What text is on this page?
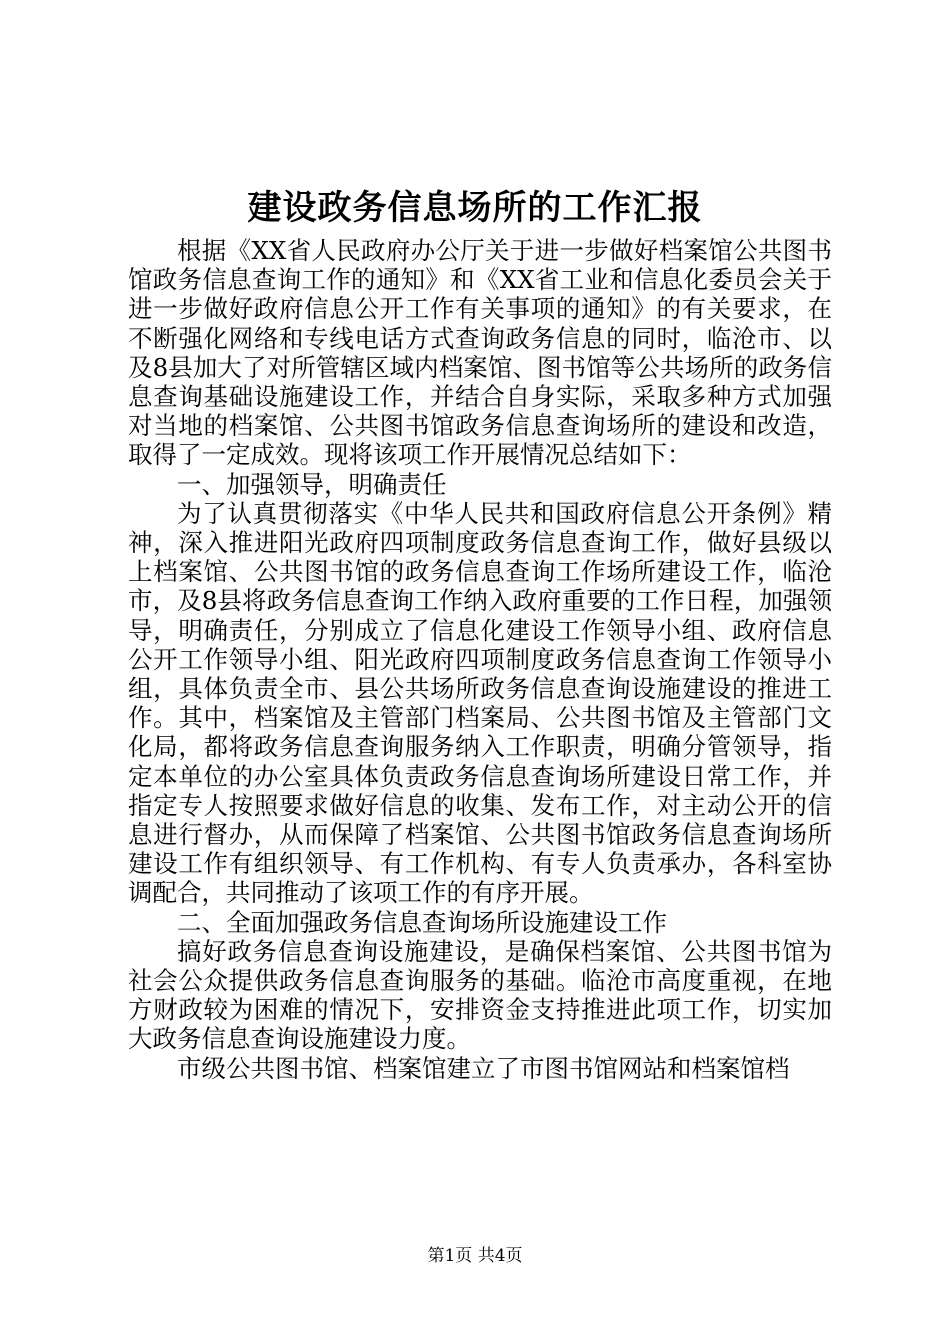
建设政务信息场所的工作汇报

根据《XX省人民政府办公厅关于进一步做好档案馆公共图书馆政务信息查询工作的通知》和《XX省工业和信息化委员会关于进一步做好政府信息公开工作有关事项的通知》的有关要求，在不断强化网络和专线电话方式查询政务信息的同时，临沧市、以及8县加大了对所管辖区域内档案馆、图书馆等公共场所的政务信息查询基础设施建设工作，并结合自身实际，采取多种方式加强对当地的档案馆、公共图书馆政务信息查询场所的建设和改造，取得了一定成效。现将该项工作开展情况总结如下：

一、加强领导，明确责任

为了认真贯彻落实《中华人民共和国政府信息公开条例》精神，深入推进阳光政府四项制度政务信息查询工作，做好县级以上档案馆、公共图书馆的政务信息查询工作场所建设工作，临沧市，及8县将政务信息查询工作纳入政府重要的工作日程，加强领导，明确责任，分别成立了信息化建设工作领导小组、政府信息公开工作领导小组、阳光政府四项制度政务信息查询工作领导小组，具体负责全市、县公共场所政务信息查询设施建设的推进工作。其中，档案馆及主管部门档案局、公共图书馆及主管部门文化局，都将政务信息查询服务纳入工作职责，明确分管领导，指定本单位的办公室具体负责政务信息查询场所建设日常工作，并指定专人按照要求做好信息的收集、发布工作，对主动公开的信息进行督办，从而保障了档案馆、公共图书馆政务信息查询场所建设工作有组织领导、有工作机构、有专人负责承办，各科室协调配合，共同推动了该项工作的有序开展。

二、全面加强政务信息查询场所设施建设工作

搞好政务信息查询设施建设，是确保档案馆、公共图书馆为社会公众提供政务信息查询服务的基础。临沧市高度重视，在地方财政较为困难的情况下，安排资金支持推进此项工作，切实加大政务信息查询设施建设力度。

市级公共图书馆、档案馆建立了市图书馆网站和档案馆档

第1页 共4页
